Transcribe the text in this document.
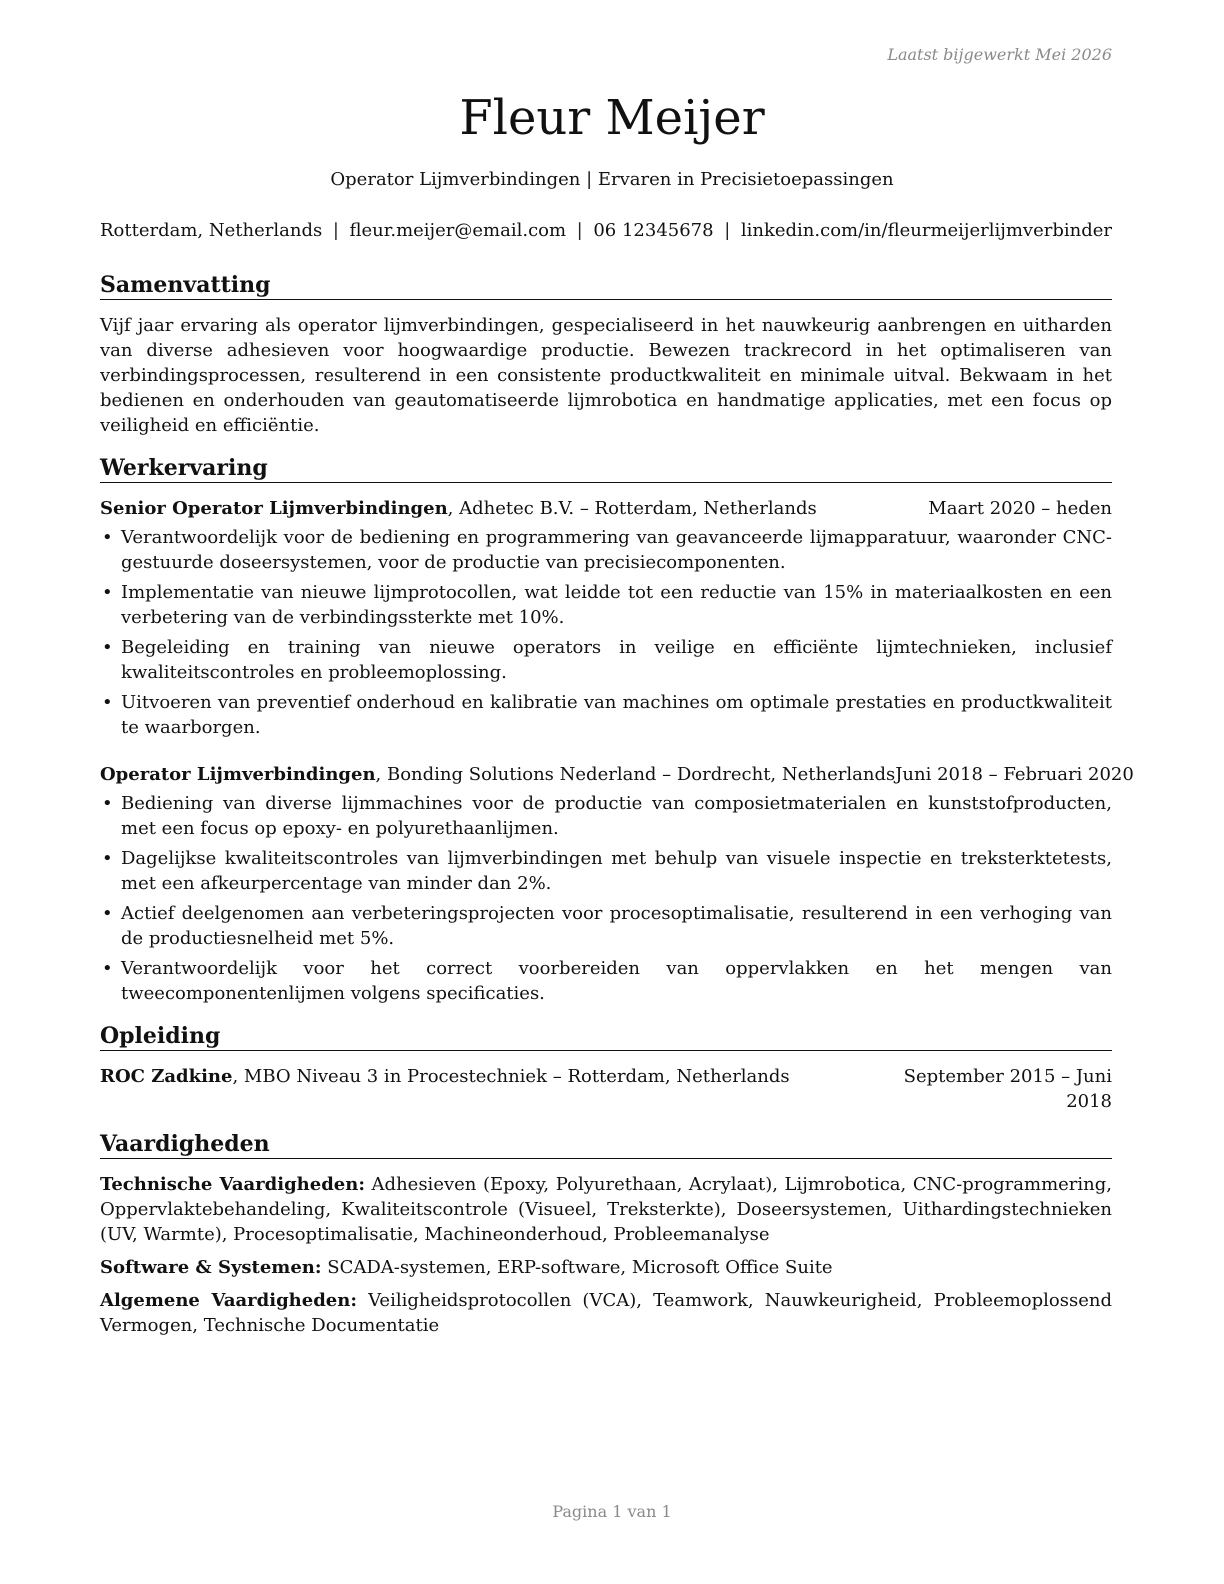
Laatst bijgewerkt Mei 2026
Fleur Meijer
Operator Lijmverbindingen | Ervaren in Precisietoepassingen
Rotterdam, Netherlands | fleur.meijer@email.com | 06 12345678 | linkedin.com/in/fleurmeijerlijmverbinder
Samenvatting

Vijf jaar ervaring als operator lijmverbindingen, gespecialiseerd in het nauwkeurig aanbrengen en uitharden van diverse adhesieven voor hoogwaardige productie. Bewezen trackrecord in het optimaliseren van verbindingsprocessen, resulterend in een consistente productkwaliteit en minimale uitval. Bekwaam in het bedienen en onderhouden van geautomatiseerde lijmrobotica en handmatige applicaties, met een focus op veiligheid en efficiëntie.

Werkervaring
Senior Operator Lijmverbindingen, Adhetec B.V. – Rotterdam, Netherlands	Maart 2020 – heden
• Verantwoordelijk voor de bediening en programmering van geavanceerde lijmapparatuur, waaronder CNC-gestuurde doseersystemen, voor de productie van precisiecomponenten.
• Implementatie van nieuwe lijmprotocollen, wat leidde tot een reductie van 15% in materiaalkosten en een verbetering van de verbindingssterkte met 10%.
• Begeleiding en training van nieuwe operators in veilige en efficiënte lijmtechnieken, inclusief kwaliteitscontroles en probleemoplossing.
• Uitvoeren van preventief onderhoud en kalibratie van machines om optimale prestaties en productkwaliteit te waarborgen.
Operator Lijmverbindingen, Bonding Solutions Nederland – Dordrecht, Netherlands Juni 2018 – Februari 2020
• Bediening van diverse lijmmachines voor de productie van composietmaterialen en kunststofproducten, met een focus op epoxy- en polyurethaanlijmen.
• Dagelijkse kwaliteitscontroles van lijmverbindingen met behulp van visuele inspectie en treksterktetests, met een afkeurpercentage van minder dan 2%.
• Actief deelgenomen aan verbeteringsprojecten voor procesoptimalisatie, resulterend in een verhoging van de productiesnelheid met 5%.
• Verantwoordelijk voor het correct voorbereiden van oppervlakken en het mengen van tweecomponentenlijmen volgens specificaties.
Opleiding
ROC Zadkine, MBO Niveau 3 in Procestechniek – Rotterdam, Netherlands	September 2015 – Juni 2018
Vaardigheden

Technische Vaardigheden: Adhesieven (Epoxy, Polyurethaan, Acrylaat), Lijmrobotica, CNC-programmering, Oppervlaktebehandeling, Kwaliteitscontrole (Visueel, Treksterkte), Doseersystemen, Uithardingstechnieken (UV, Warmte), Procesoptimalisatie, Machineonderhoud, Probleemanalyse

Software & Systemen: SCADA-systemen, ERP-software, Microsoft Office Suite

Algemene Vaardigheden: Veiligheidsprotocollen (VCA), Teamwork, Nauwkeurigheid, Probleemoplossend Vermogen, Technische Documentatie

Pagina 1 van 1
